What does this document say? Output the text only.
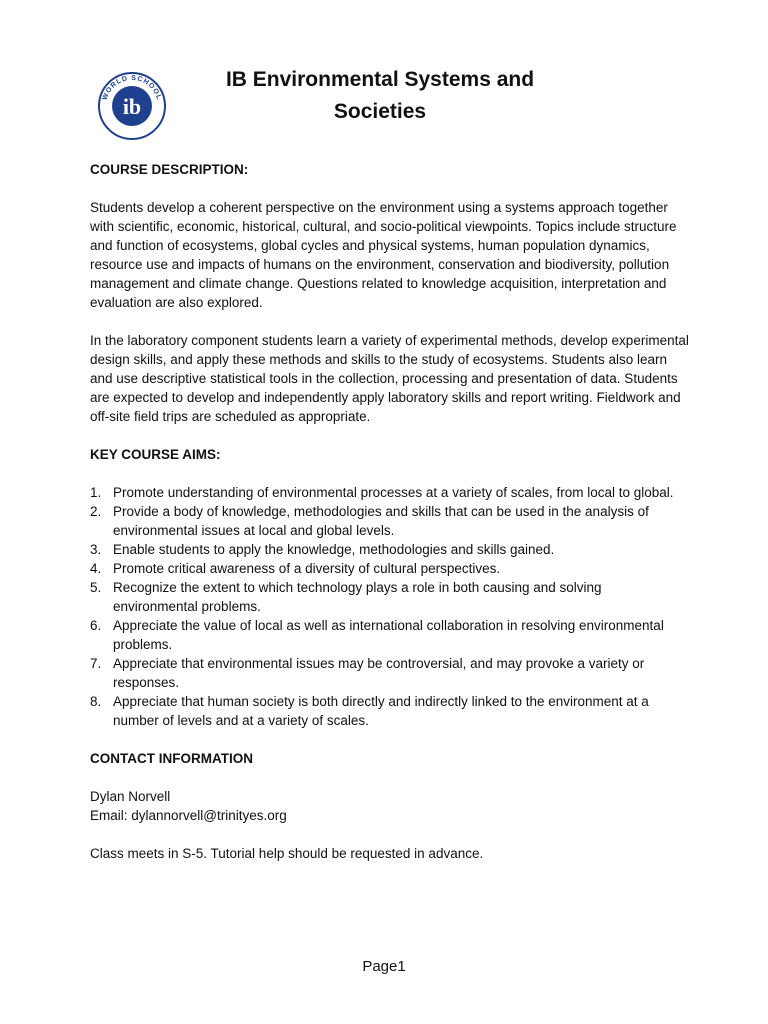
WORLD SCHOOL
ib
IB Environmental Systems and
Societies

COURSE DESCRIPTION:

Students develop a coherent perspective on the environment using a systems approach together with scientific, economic, historical, cultural, and socio-political viewpoints. Topics include structure and function of ecosystems, global cycles and physical systems, human population dynamics, resource use and impacts of humans on the environment, conservation and biodiversity, pollution management and climate change. Questions related to knowledge acquisition, interpretation and evaluation are also explored.

In the laboratory component students learn a variety of experimental methods, develop experimental design skills, and apply these methods and skills to the study of ecosystems. Students also learn and use descriptive statistical tools in the collection, processing and presentation of data. Students are expected to develop and independently apply laboratory skills and report writing. Fieldwork and off-site field trips are scheduled as appropriate.

KEY COURSE AIMS:

1. Promote understanding of environmental processes at a variety of scales, from local to global.
2. Provide a body of knowledge, methodologies and skills that can be used in the analysis of environmental issues at local and global levels.
3. Enable students to apply the knowledge, methodologies and skills gained.
4. Promote critical awareness of a diversity of cultural perspectives.
5. Recognize the extent to which technology plays a role in both causing and solving environmental problems.
6. Appreciate the value of local as well as international collaboration in resolving environmental problems.
7. Appreciate that environmental issues may be controversial, and may provoke a variety or responses.
8. Appreciate that human society is both directly and indirectly linked to the environment at a number of levels and at a variety of scales.

CONTACT INFORMATION

Dylan Norvell

Email: dylannorvell@trinityes.org

Class meets in S-5. Tutorial help should be requested in advance.

Page1
